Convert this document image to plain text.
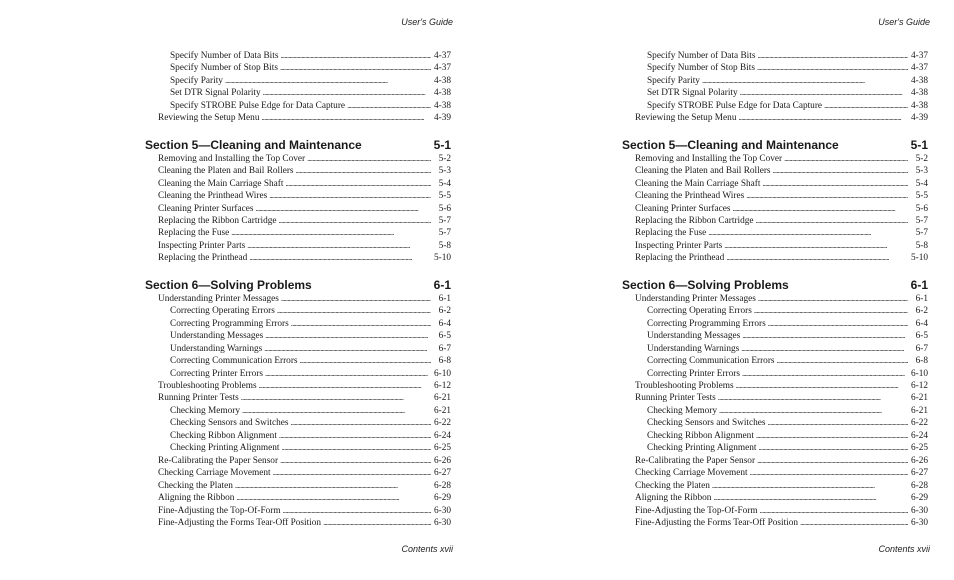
User's Guide
Specify Number of Data Bits . . .	4-37
Specify Number of Stop Bits . . .	4-37
Specify Parity . . .	4-38
Set DTR Signal Polarity . . .	4-38
Specify STROBE Pulse Edge for Data Capture . . .	4-38
Reviewing the Setup Menu . . .	4-39
Section 5—Cleaning and Maintenance	5-1
Removing and Installing the Top Cover . . .	5-2
Cleaning the Platen and Bail Rollers . . .	5-3
Cleaning the Main Carriage Shaft . . .	5-4
Cleaning the Printhead Wires . . .	5-5
Cleaning Printer Surfaces . . .	5-6
Replacing the Ribbon Cartridge . . .	5-7
Replacing the Fuse . . .	5-7
Inspecting Printer Parts . . .	5-8
Replacing the Printhead . . .	5-10
Section 6—Solving Problems	6-1
Understanding Printer Messages . . .	6-1
Correcting Operating Errors . . .	6-2
Correcting Programming Errors . . .	6-4
Understanding Messages . . .	6-5
Understanding Warnings . . .	6-7
Correcting Communication Errors . . .	6-8
Correcting Printer Errors . . .	6-10
Troubleshooting Problems . . .	6-12
Running Printer Tests . . .	6-21
Checking Memory . . .	6-21
Checking Sensors and Switches . . .	6-22
Checking Ribbon Alignment . . .	6-24
Checking Printing Alignment . . .	6-25
Re-Calibrating the Paper Sensor . . .	6-26
Checking Carriage Movement . . .	6-27
Checking the Platen . . .	6-28
Aligning the Ribbon . . .	6-29
Fine-Adjusting the Top-Of-Form . . .	6-30
Fine-Adjusting the Forms Tear-Off Position . . .	6-30
Contents xvii
User's Guide
Specify Number of Data Bits . . .	4-37
Specify Number of Stop Bits . . .	4-37
Specify Parity . . .	4-38
Set DTR Signal Polarity . . .	4-38
Specify STROBE Pulse Edge for Data Capture . . .	4-38
Reviewing the Setup Menu . . .	4-39
Section 5—Cleaning and Maintenance	5-1
Removing and Installing the Top Cover . . .	5-2
Cleaning the Platen and Bail Rollers . . .	5-3
Cleaning the Main Carriage Shaft . . .	5-4
Cleaning the Printhead Wires . . .	5-5
Cleaning Printer Surfaces . . .	5-6
Replacing the Ribbon Cartridge . . .	5-7
Replacing the Fuse . . .	5-7
Inspecting Printer Parts . . .	5-8
Replacing the Printhead . . .	5-10
Section 6—Solving Problems	6-1
Understanding Printer Messages . . .	6-1
Correcting Operating Errors . . .	6-2
Correcting Programming Errors . . .	6-4
Understanding Messages . . .	6-5
Understanding Warnings . . .	6-7
Correcting Communication Errors . . .	6-8
Correcting Printer Errors . . .	6-10
Troubleshooting Problems . . .	6-12
Running Printer Tests . . .	6-21
Checking Memory . . .	6-21
Checking Sensors and Switches . . .	6-22
Checking Ribbon Alignment . . .	6-24
Checking Printing Alignment . . .	6-25
Re-Calibrating the Paper Sensor . . .	6-26
Checking Carriage Movement . . .	6-27
Checking the Platen . . .	6-28
Aligning the Ribbon . . .	6-29
Fine-Adjusting the Top-Of-Form . . .	6-30
Fine-Adjusting the Forms Tear-Off Position . . .	6-30
Contents xvii
